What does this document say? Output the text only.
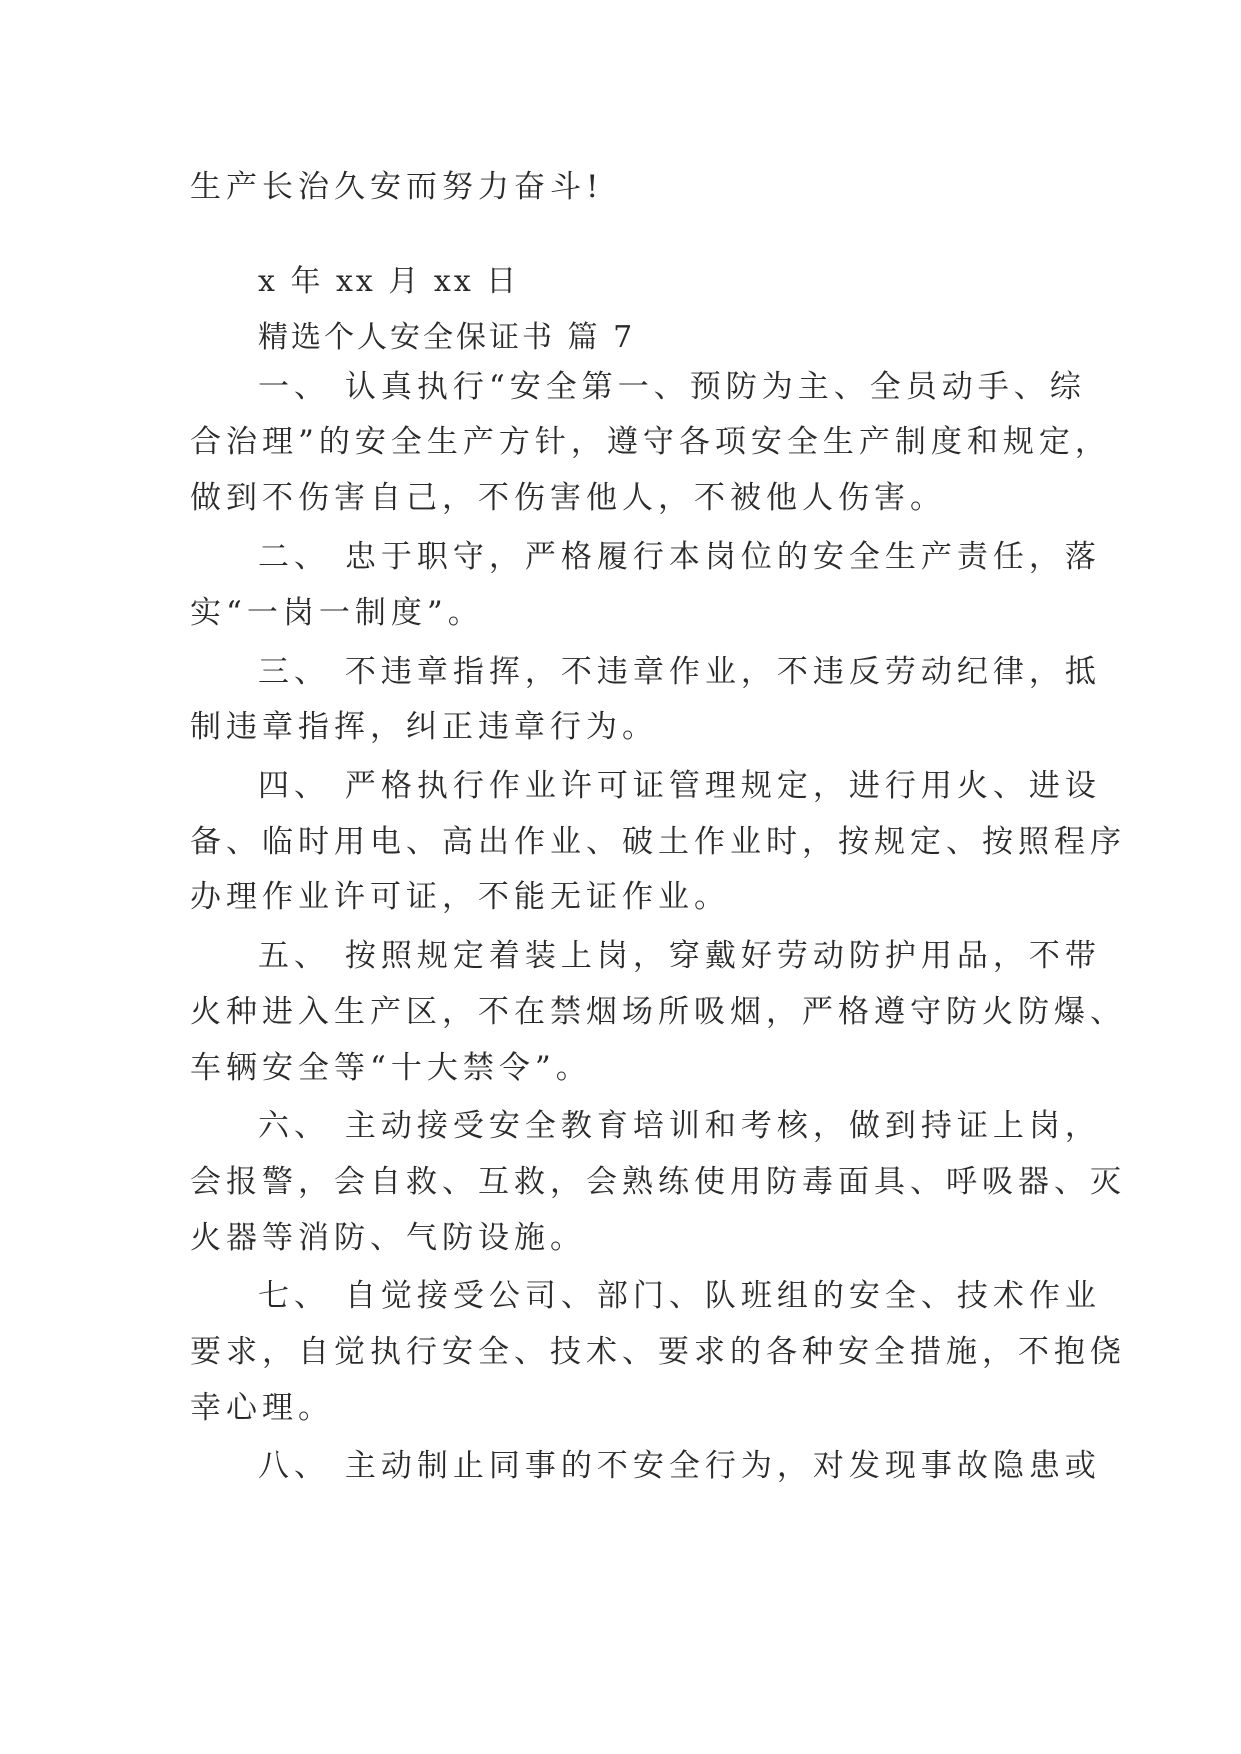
生产长治久安而努力奋斗!
x 年 xx 月 xx 日
精选个人安全保证书 篇 7
一、 认真执行“安全第一、预防为主、全员动手、综
合治理”的安全生产方针，遵守各项安全生产制度和规定，
做到不伤害自己，不伤害他人，不被他人伤害。
二、 忠于职守，严格履行本岗位的安全生产责任，落
实“一岗一制度”。
三、 不违章指挥，不违章作业，不违反劳动纪律，抵
制违章指挥，纠正违章行为。
四、 严格执行作业许可证管理规定，进行用火、进设
备、临时用电、高出作业、破土作业时，按规定、按照程序
办理作业许可证，不能无证作业。
五、 按照规定着装上岗，穿戴好劳动防护用品，不带
火种进入生产区，不在禁烟场所吸烟，严格遵守防火防爆、
车辆安全等“十大禁令”。
六、 主动接受安全教育培训和考核，做到持证上岗，
会报警，会自救、互救，会熟练使用防毒面具、呼吸器、灭
火器等消防、气防设施。
七、 自觉接受公司、部门、队班组的安全、技术作业
要求，自觉执行安全、技术、要求的各种安全措施，不抱侥
幸心理。
八、 主动制止同事的不安全行为，对发现事故隐患或
